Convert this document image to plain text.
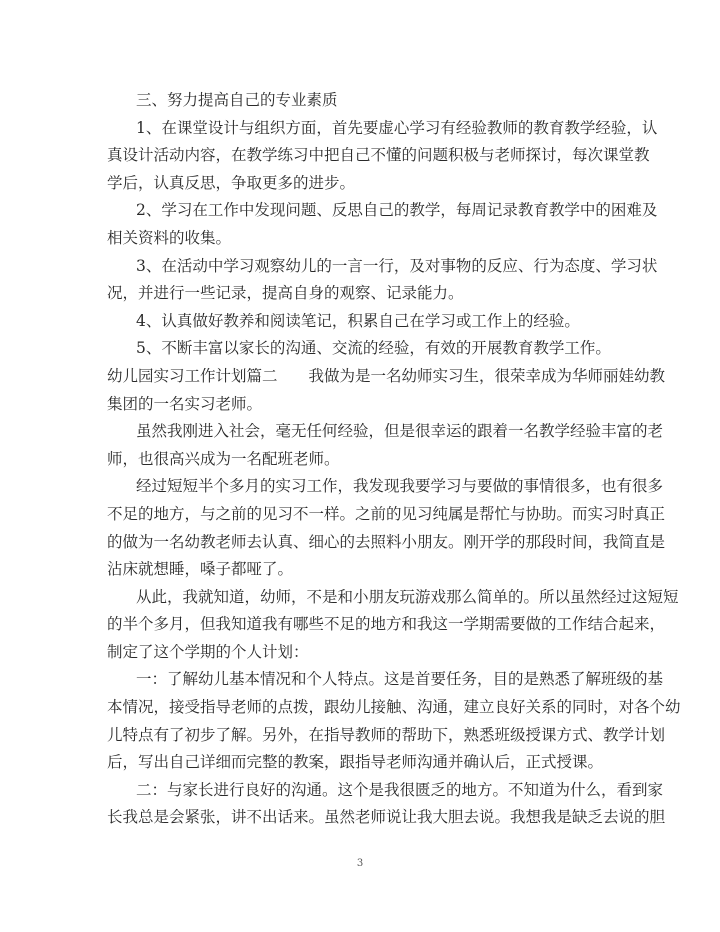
三、努力提高自己的专业素质
1、在课堂设计与组织方面，首先要虚心学习有经验教师的教育教学经验，认
真设计活动内容，在教学练习中把自己不懂的问题积极与老师探讨，每次课堂教
学后，认真反思，争取更多的进步。
2、学习在工作中发现问题、反思自己的教学，每周记录教育教学中的困难及
相关资料的收集。
3、在活动中学习观察幼儿的一言一行，及对事物的反应、行为态度、学习状
况，并进行一些记录，提高自身的观察、记录能力。
4、认真做好教养和阅读笔记，积累自己在学习或工作上的经验。
5、不断丰富以家长的沟通、交流的经验，有效的开展教育教学工作。
幼儿园实习工作计划篇二　　我做为是一名幼师实习生，很荣幸成为华师丽娃幼教
集团的一名实习老师。
虽然我刚进入社会，毫无任何经验，但是很幸运的跟着一名教学经验丰富的老
师，也很高兴成为一名配班老师。
经过短短半个多月的实习工作，我发现我要学习与要做的事情很多，也有很多
不足的地方，与之前的见习不一样。之前的见习纯属是帮忙与协助。而实习时真正
的做为一名幼教老师去认真、细心的去照料小朋友。刚开学的那段时间，我简直是
沾床就想睡，嗓子都哑了。
从此，我就知道，幼师，不是和小朋友玩游戏那么简单的。所以虽然经过这短短
的半个多月，但我知道我有哪些不足的地方和我这一学期需要做的工作结合起来，
制定了这个学期的个人计划：
一：了解幼儿基本情况和个人特点。这是首要任务，目的是熟悉了解班级的基
本情况，接受指导老师的点拨，跟幼儿接触、沟通，建立良好关系的同时，对各个幼
儿特点有了初步了解。另外，在指导教师的帮助下，熟悉班级授课方式、教学计划
后，写出自己详细而完整的教案，跟指导老师沟通并确认后，正式授课。
二：与家长进行良好的沟通。这个是我很匮乏的地方。不知道为什么，看到家
长我总是会紧张，讲不出话来。虽然老师说让我大胆去说。我想我是缺乏去说的胆
3
